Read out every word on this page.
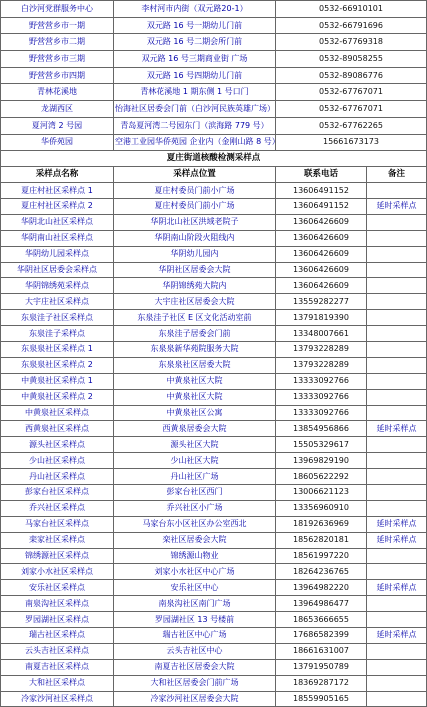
白沙河党群服务中心	李村河市内街（双元路20-1）	0532-66910101	
野营营乡市一期	双元路 16 号一期幼儿门前	0532-66791696	
野营营乡市二期	双元路 16 号二期会所门前	0532-67769318	
野营营乡市三期	双元路 16 号三期商业街 广场	0532-89058255	
野营营乡市四期	双元路 16 号四期幼儿门前	0532-89086776	
青林花溪地	青林花溪地 1 期东侧 1 号口门	0532-67767071	
龙湖西区	怡海社区居委会门前（白沙河民族英雄广场）	0532-67767071	
夏河湾 2 号园	青岛夏河湾二号园东门（滨海路 779 号）	0532-67762265	
华侨苑园	空港工业园华侨苑园 企业内（金刚山路 8 号）	15661673173	
夏庄街道核酸检测采样点			
采样点名称	采样点位置	联系电话	备注
夏庄村社区采样点 1	夏庄村委员门前小广场	13606491152	
夏庄村社区采样点 2	夏庄村委员门前小广场	13606491152	延时采样点
华阴北山社区采样点	华阴北山社区洪域老院子	13606426609	
华阴南山社区采样点	华阴南山阶段火阻线内	13606426609	
华阴幼儿园采样点	华阴幼儿园内	13606426609	
华阴社区居委会采样点	华阴社区居委会大院	13606426609	
华阴锦绣苑采样点	华阴锦绣苑大院内	13606426609	
大宇庄社区采样点	大宇庄社区居委会大院	13559282277	
东泉洼子社区采样点	东泉洼子社区 E 区文化活动室前	13791819390	
东泉洼子采样点	东泉洼子居委会门前	13348007661	
东泉泉社区采样点 1	东泉泉新华苑院服务大院	13793228289	
东泉泉社区采样点 2	东泉泉社区居委大院	13793228289	
中黄泉社区采样点 1	中黄泉社区大院	13333092766	
中黄泉社区采样点 2	中黄泉社区大院	13333092766	
中黄泉社区采样点	中黄泉社区公寓	13333092766	
西黄泉社区采样点	西黄泉居委会大院	13854956866	延时采样点
源头社区采样点	源头社区大院	15505329617	
少山社区采样点	少山社区大院	13969829190	
丹山社区采样点	丹山社区广场	18605622292	
彭家台社区采样点	彭家台社区西门	13006621123	
乔兴社区采样点	乔兴社区小广场	13356960910	
马家台社区采样点	马家台东小区社区办公室西北	18192636969	延时采样点
栾家社区采样点	栾社区居委会大院	18562820181	延时采样点
锦绣源社区采样点	锦绣源山物业	18561997220	
刘家小水社区采样点	刘家小水社区中心广场	18264236765	
安乐社区采样点	安乐社区中心	13964982220	延时采样点
南泉沟社区采样点	南泉沟社区南门广场	13964986477	
罗园湖社区采样点	罗园湖社区 13 号楼前	18653666655	
瑞古社区采样点	瑞古社区中心广场	17686582399	延时采样点
云头吉社区采样点	云头吉社区中心	18661631007	
南夏吉社区采样点	南夏吉社区居委会大院	13791950789	
大和社区采样点	大和社区居委会门前广场	18369287172	
冷家沙河社区采样点	冷家沙河社区居委会大院	18559905165	
